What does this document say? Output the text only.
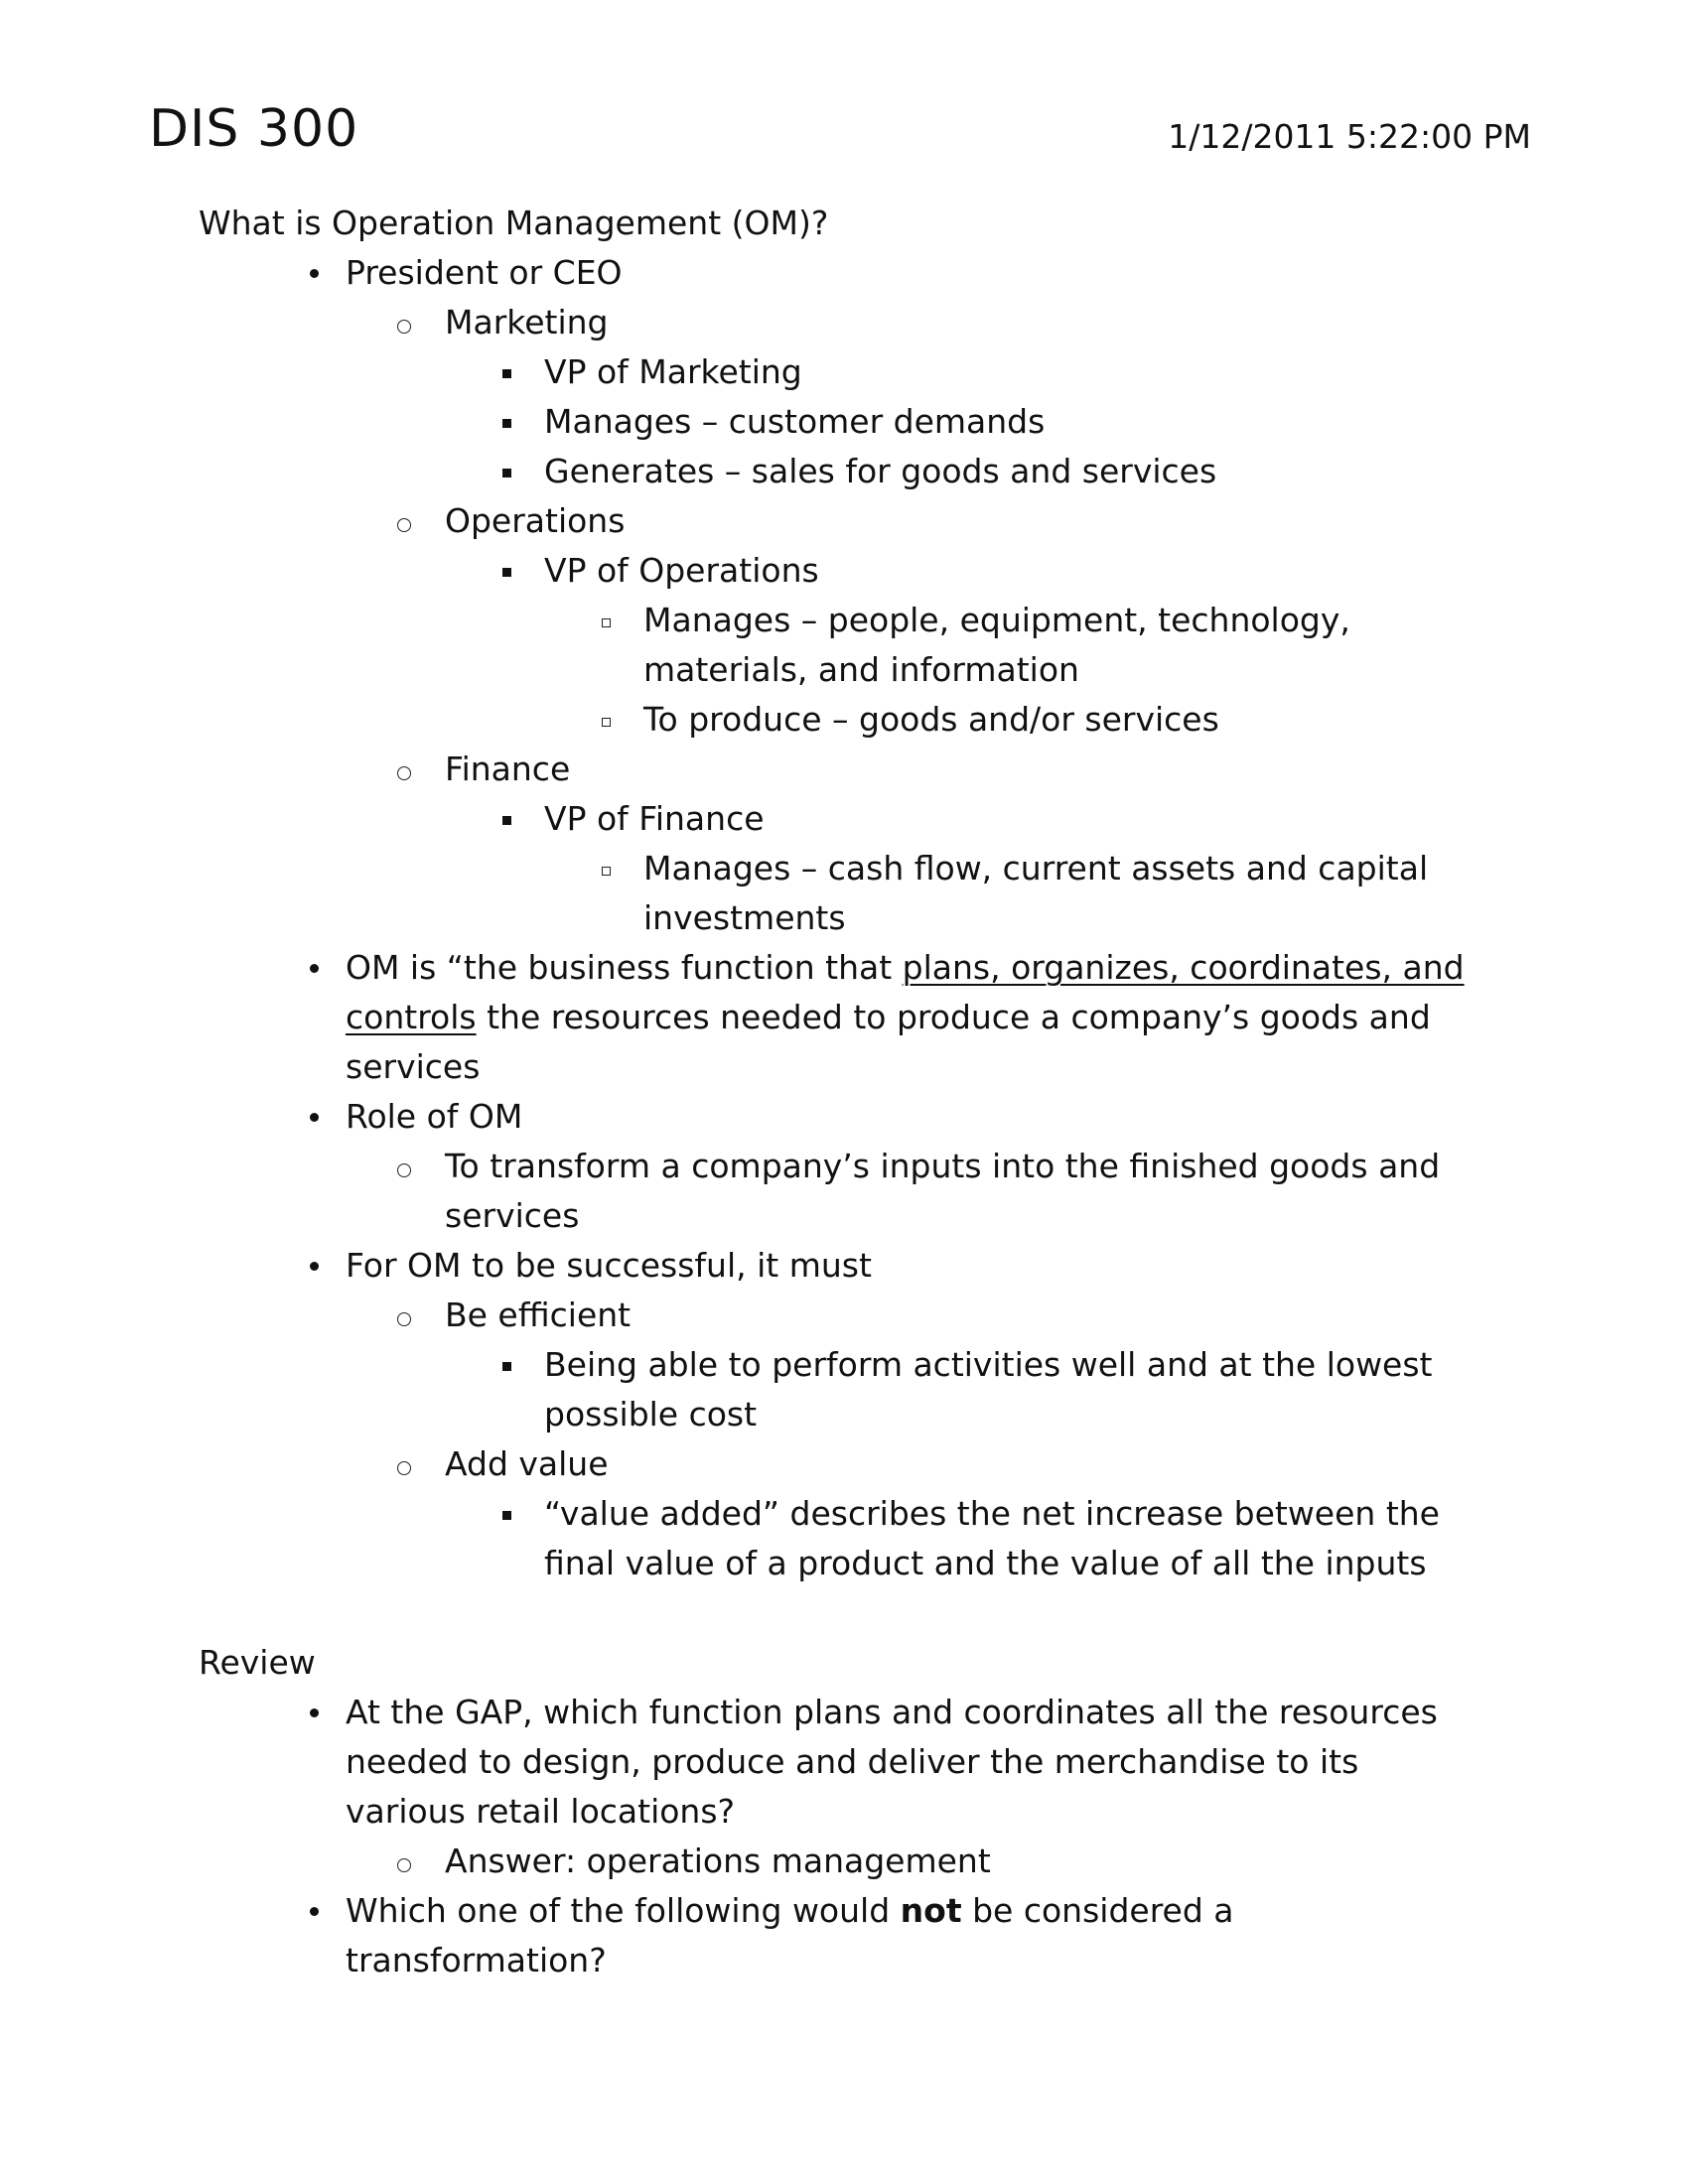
DIS 300	1/12/2011 5:22:00 PM
What is Operation Management (OM)?
President or CEO
Marketing
VP of Marketing
Manages – customer demands
Generates – sales for goods and services
Operations
VP of Operations
Manages – people, equipment, technology, materials, and information
To produce – goods and/or services
Finance
VP of Finance
Manages – cash flow, current assets and capital investments
OM is “the business function that plans, organizes, coordinates, and controls the resources needed to produce a company’s goods and services
Role of OM
To transform a company’s inputs into the finished goods and services
For OM to be successful, it must
Be efficient
Being able to perform activities well and at the lowest possible cost
Add value
“value added” describes the net increase between the final value of a product and the value of all the inputs
Review
At the GAP, which function plans and coordinates all the resources needed to design, produce and deliver the merchandise to its various retail locations?
Answer: operations management
Which one of the following would not be considered a transformation?
